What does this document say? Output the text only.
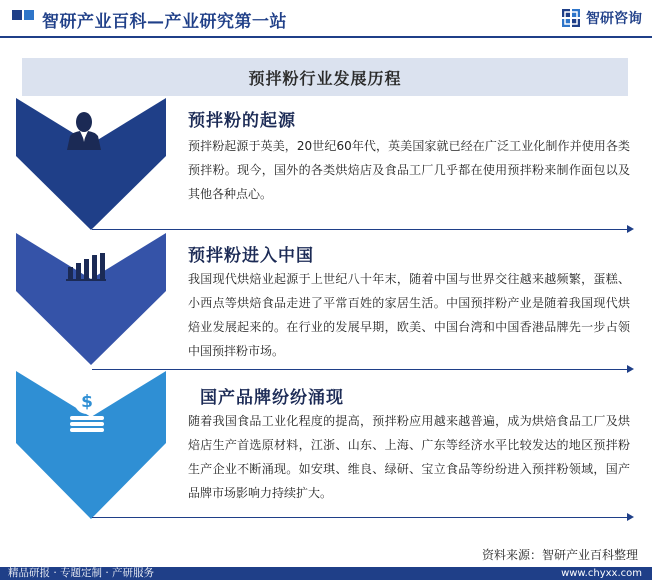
智研产业百科—产业研究第一站	智研咨询
预拌粉行业发展历程
预拌粉的起源
预拌粉起源于英美，20世纪60年代，英美国家就已经在广泛工业化制作并使用各类预拌粉。现今，国外的各类烘焙店及食品工厂几乎都在使用预拌粉来制作面包以及其他各种点心。
预拌粉进入中国
我国现代烘焙业起源于上世纪八十年末，随着中国与世界交往越来越频繁，蛋糕、小西点等烘焙食品走进了平常百姓的家居生活。中国预拌粉产业是随着我国现代烘焙业发展起来的。在行业的发展早期，欧美、中国台湾和中国香港品牌先一步占领中国预拌粉市场。
$	国产品牌纷纷涌现
随着我国食品工业化程度的提高，预拌粉应用越来越普遍，成为烘焙食品工厂及烘焙店生产首选原材料，江浙、山东、上海、广东等经济水平比较发达的地区预拌粉生产企业不断涌现。如安琪、维良、绿研、宝立食品等纷纷进入预拌粉领域，国产品牌市场影响力持续扩大。
资料来源：智研产业百科整理
精品研报 · 专题定制 · 产研服务	www.chyxx.com
